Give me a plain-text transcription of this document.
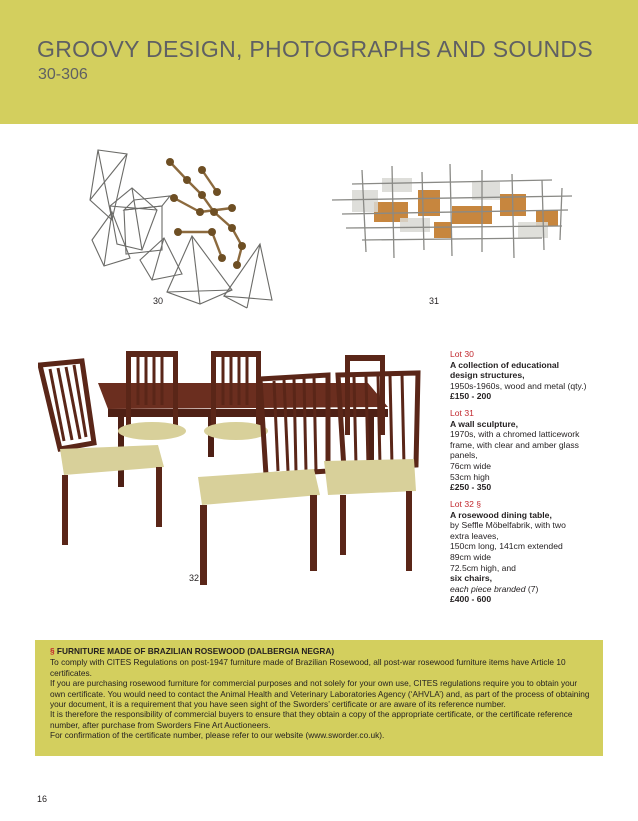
GROOVY DESIGN, PHOTOGRAPHS AND SOUNDS
30-306
30	31
32
Lot 30
A collection of educational
design structures,
1950s-1960s, wood and metal (qty.)
£150 - 200
Lot 31
A wall sculpture,
1970s, with a chromed latticework
frame, with clear and amber glass
panels,
76cm wide
53cm high
£250 - 350
Lot 32 §
A rosewood dining table,
by Seffle Möbelfabrik, with two
extra leaves,
150cm long, 141cm extended
89cm wide
72.5cm high, and
six chairs,
each piece branded (7)
£400 - 600
§ FURNITURE MADE OF BRAZILIAN ROSEWOOD (DALBERGIA NEGRA)

To comply with CITES Regulations on post-1947 furniture made of Brazilian Rosewood, all post-war rosewood furniture items have Article 10 certificates.

If you are purchasing rosewood furniture for commercial purposes and not solely for your own use, CITES regulations require you to obtain your own certificate. You would need to contact the Animal Health and Veterinary Laboratories Agency (‘AHVLA’) and, as part of the process of obtaining your document, it is a requirement that you have seen sight of the Sworders’ certificate or are aware of its reference number.

It is therefore the responsibility of commercial buyers to ensure that they obtain a copy of the appropriate certificate, or the certificate reference number, after purchase from Sworders Fine Art Auctioneers.

For confirmation of the certificate number, please refer to our website (www.sworder.co.uk).

16
